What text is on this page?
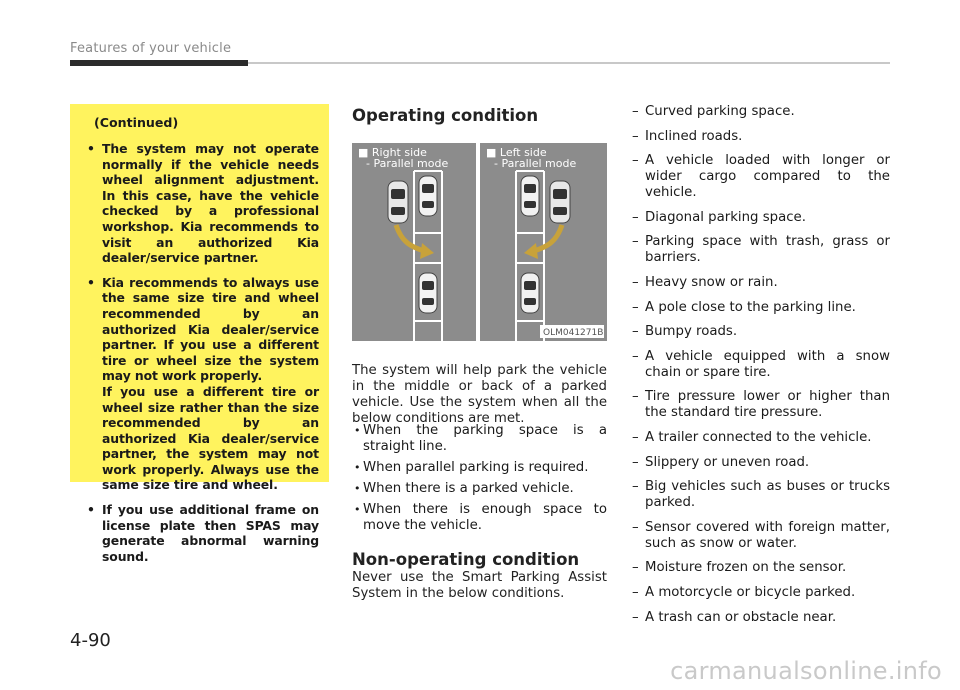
Features of your vehicle
(Continued)
• The system may not operate normally if the vehicle needs wheel alignment adjustment. In this case, have the vehicle checked by a professional workshop. Kia recommends to visit an authorized Kia dealer/service partner.
• Kia recommends to always use the same size tire and wheel recommended by an authorized Kia dealer/service partner. If you use a different tire or wheel size the system may not work properly.
If you use a different tire or wheel size rather than the size recommended by an authorized Kia dealer/service partner, the system may not work properly. Always use the same size tire and wheel.
• If you use additional frame on license plate then SPAS may generate abnormal warning sound.
Operating condition
■ Right side
- Parallel mode
■ Left side
- Parallel mode
OLM041271B

The system will help park the vehicle in the middle or back of a parked vehicle. Use the system when all the below conditions are met.

• When the parking space is a straight line.
• When parallel parking is required.
• When there is a parked vehicle.
• When there is enough space to move the vehicle.
Non-operating condition

Never use the Smart Parking Assist System in the below conditions.

– Curved parking space.
– Inclined roads.
– A vehicle loaded with longer or wider cargo compared to the vehicle.
– Diagonal parking space.
– Parking space with trash, grass or barriers.
– Heavy snow or rain.
– A pole close to the parking line.
– Bumpy roads.
– A vehicle equipped with a snow chain or spare tire.
– Tire pressure lower or higher than the standard tire pressure.
– A trailer connected to the vehicle.
– Slippery or uneven road.
– Big vehicles such as buses or trucks parked.
– Sensor covered with foreign matter, such as snow or water.
– Moisture frozen on the sensor.
– A motorcycle or bicycle parked.
– A trash can or obstacle near.
4-90
carmanualsonline.info
